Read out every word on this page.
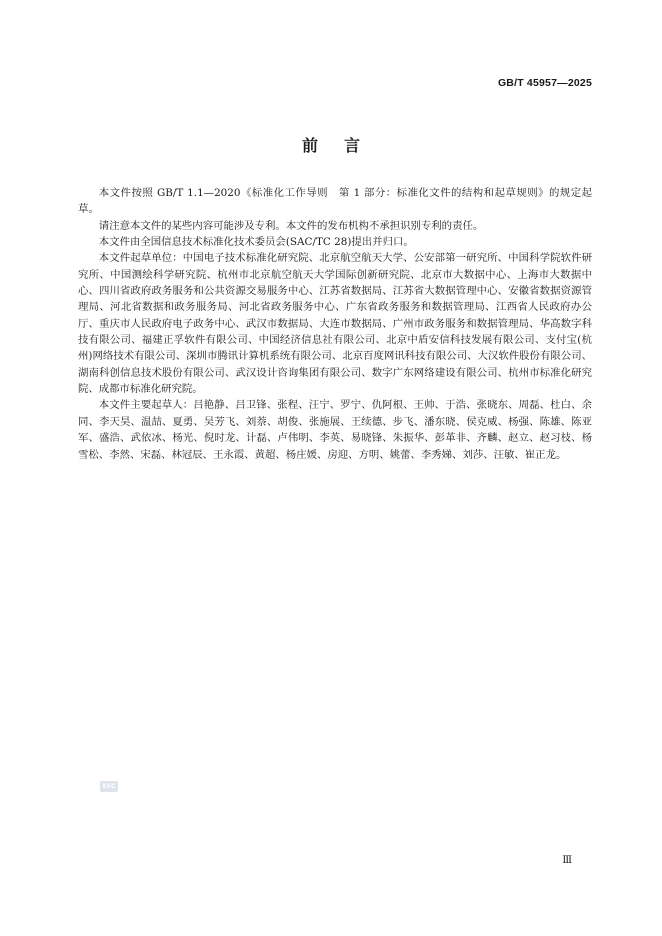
GB/T 45957—2025
前言

本文件按照 GB/T 1.1—2020《标准化工作导则　第 1 部分：标准化文件的结构和起草规则》的规定起草。

请注意本文件的某些内容可能涉及专利。本文件的发布机构不承担识别专利的责任。

本文件由全国信息技术标准化技术委员会(SAC/TC 28)提出并归口。

本文件起草单位：中国电子技术标准化研究院、北京航空航天大学、公安部第一研究所、中国科学院软件研究所、中国测绘科学研究院、杭州市北京航空航天大学国际创新研究院、北京市大数据中心、上海市大数据中心、四川省政府政务服务和公共资源交易服务中心、江苏省数据局、江苏省大数据管理中心、安徽省数据资源管理局、河北省数据和政务服务局、河北省政务服务中心、广东省政务服务和数据管理局、江西省人民政府办公厅、重庆市人民政府电子政务中心、武汉市数据局、大连市数据局、广州市政务服务和数据管理局、华高数字科技有限公司、福建正孚软件有限公司、中国经济信息社有限公司、北京中盾安信科技发展有限公司、支付宝(杭州)网络技术有限公司、深圳市腾讯计算机系统有限公司、北京百度网讯科技有限公司、大汉软件股份有限公司、湖南科创信息技术股份有限公司、武汉设计咨询集团有限公司、数字广东网络建设有限公司、杭州市标准化研究院、成都市标准化研究院。

本文件主要起草人：吕艳静、吕卫锋、张程、汪宁、罗宁、仇阿根、王帅、于浩、张晓东、周磊、杜白、余同、李天昊、温喆、夏勇、吴芳飞、刘萘、胡俊、张施展、王续德、步飞、潘东晓、侯克威、杨强、陈雄、陈亚军、盛浩、武依冰、杨光、倪时龙、计磊、卢伟明、李英、易晓锋、朱振华、彭革非、齐麟、赵立、赵习枝、杨雪松、李然、宋磊、林冠辰、王永霞、黄超、杨庄媛、房迎、方明、姚蕾、李秀娣、刘莎、汪敏、崔正龙。

ESC
Ⅲ
